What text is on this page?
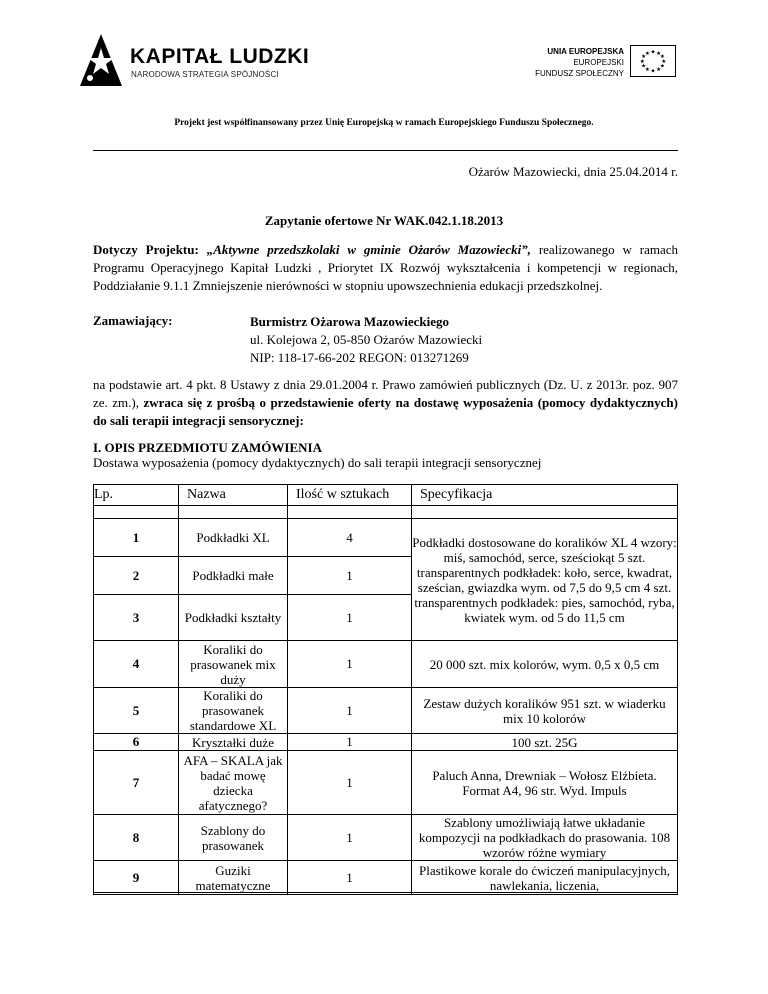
KAPITAŁ LUDZKI
NARODOWA STRATEGIA SPÓJNOŚCI
UNIA EUROPEJSKA
EUROPEJSKI
FUNDUSZ SPOŁECZNY
★ ★
★
★
★
★
★
★
★
★
★
★
Projekt jest współfinansowany przez Unię Europejską w ramach Europejskiego Funduszu Społecznego.
Ożarów Mazowiecki, dnia 25.04.2014 r.
Zapytanie ofertowe Nr WAK.042.1.18.2013
Dotyczy Projektu: „Aktywne przedszkolaki w gminie Ożarów Mazowiecki”, realizowanego w ramach Programu Operacyjnego Kapitał Ludzki , Priorytet IX Rozwój wykształcenia i kompetencji w regionach, Poddziałanie 9.1.1 Zmniejszenie nierówności w stopniu upowszechnienia edukacji przedszkolnej.
Zamawiający:	Burmistrz Ożarowa Mazowieckiego
ul. Kolejowa 2, 05-850 Ożarów Mazowiecki
NIP: 118-17-66-202 REGON: 013271269
na podstawie art. 4 pkt. 8 Ustawy z dnia 29.01.2004 r. Prawo zamówień publicznych (Dz. U. z 2013r. poz. 907 ze. zm.), zwraca się z prośbą o przedstawienie oferty na dostawę wyposażenia (pomocy dydaktycznych) do sali terapii integracji sensorycznej:
I. OPIS PRZEDMIOTU ZAMÓWIENIA
Dostawa wyposażenia (pomocy dydaktycznych) do sali terapii integracji sensorycznej
Lp.	Nazwa	Ilość w sztukach	Specyfikacja

1	Podkładki XL	4	Podkładki dostosowane do koralików XL 4 wzory: miś, samochód, serce, sześciokąt 5 szt. transparentnych podkładek: koło, serce, kwadrat, sześcian, gwiazdka wym. od 7,5 do 9,5 cm 4 szt. transparentnych podkładek: pies, samochód, ryba, kwiatek wym. od 5 do 11,5 cm
2	Podkładki małe	1	
3	Podkładki kształty	1	
4	Koraliki do prasowanek mix duży	1	20 000 szt. mix kolorów, wym. 0,5 x 0,5 cm
5	Koraliki do prasowanek standardowe XL	1	Zestaw dużych koralików 951 szt. w wiaderku mix 10 kolorów
6	Kryształki duże	1	100 szt. 25G
7	AFA – SKALA jak badać mowę dziecka afatycznego?	1	Paluch Anna, Drewniak – Wołosz Elżbieta. Format A4, 96 str. Wyd. Impuls
8	Szablony do prasowanek	1	Szablony umożliwiają łatwe układanie kompozycji na podkładkach do prasowania. 108 wzorów różne wymiary
9	Guziki matematyczne	1	Plastikowe korale do ćwiczeń manipulacyjnych, nawlekania, liczenia,
